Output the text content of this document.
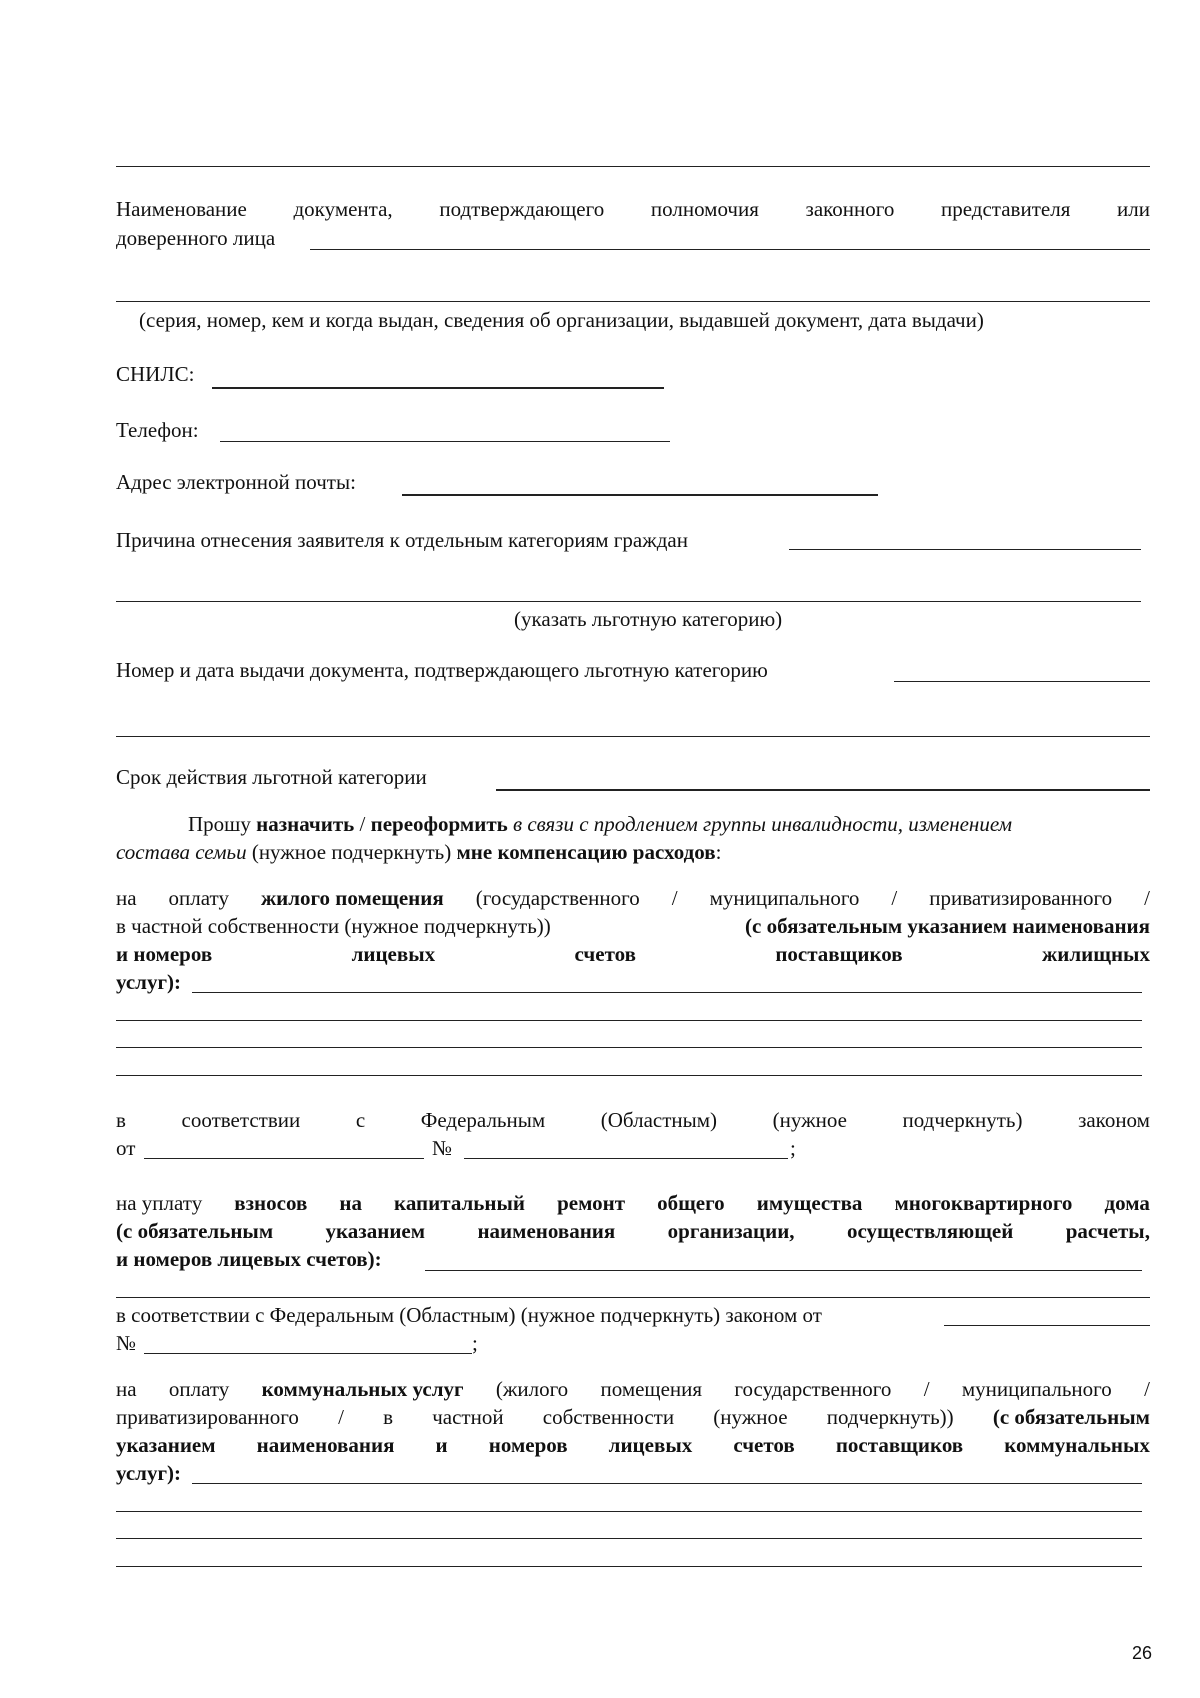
Наименование документа, подтверждающего полномочия законного представителя или
доверенного лица
(серия, номер, кем и когда выдан, сведения об организации, выдавшей документ, дата выдачи)
СНИЛС:
Телефон:
Адрес электронной почты:
Причина отнесения заявителя к отдельным категориям граждан
(указать льготную категорию)
Номер и дата выдачи документа, подтверждающего льготную категорию
Срок действия льготной категории
Прошу назначить / переоформить в связи с продлением группы инвалидности, изменением
состава семьи (нужное подчеркнуть) мне компенсацию расходов:
на оплату жилого помещения (государственного / муниципального / приватизированного /
в частной собственности (нужное подчеркнуть))	(с обязательным указанием наименования
и номеров	лицевых	счетов	поставщиков	жилищных
услуг):
в	соответствии	с	Федеральным	(Областным)	(нужное	подчеркнуть)	законом
от	№	;
на уплату взносов на капитальный ремонт общего имущества многоквартирного дома
(с обязательным указанием наименования организации, осуществляющей расчеты,
и номеров лицевых счетов):
в соответствии с Федеральным (Областным) (нужное подчеркнуть) законом от
№	;
на оплату коммунальных услуг (жилого помещения государственного / муниципального /
приватизированного / в частной собственности (нужное подчеркнуть)) (с обязательным
указанием наименования и номеров лицевых счетов поставщиков коммунальных
услуг):
26
